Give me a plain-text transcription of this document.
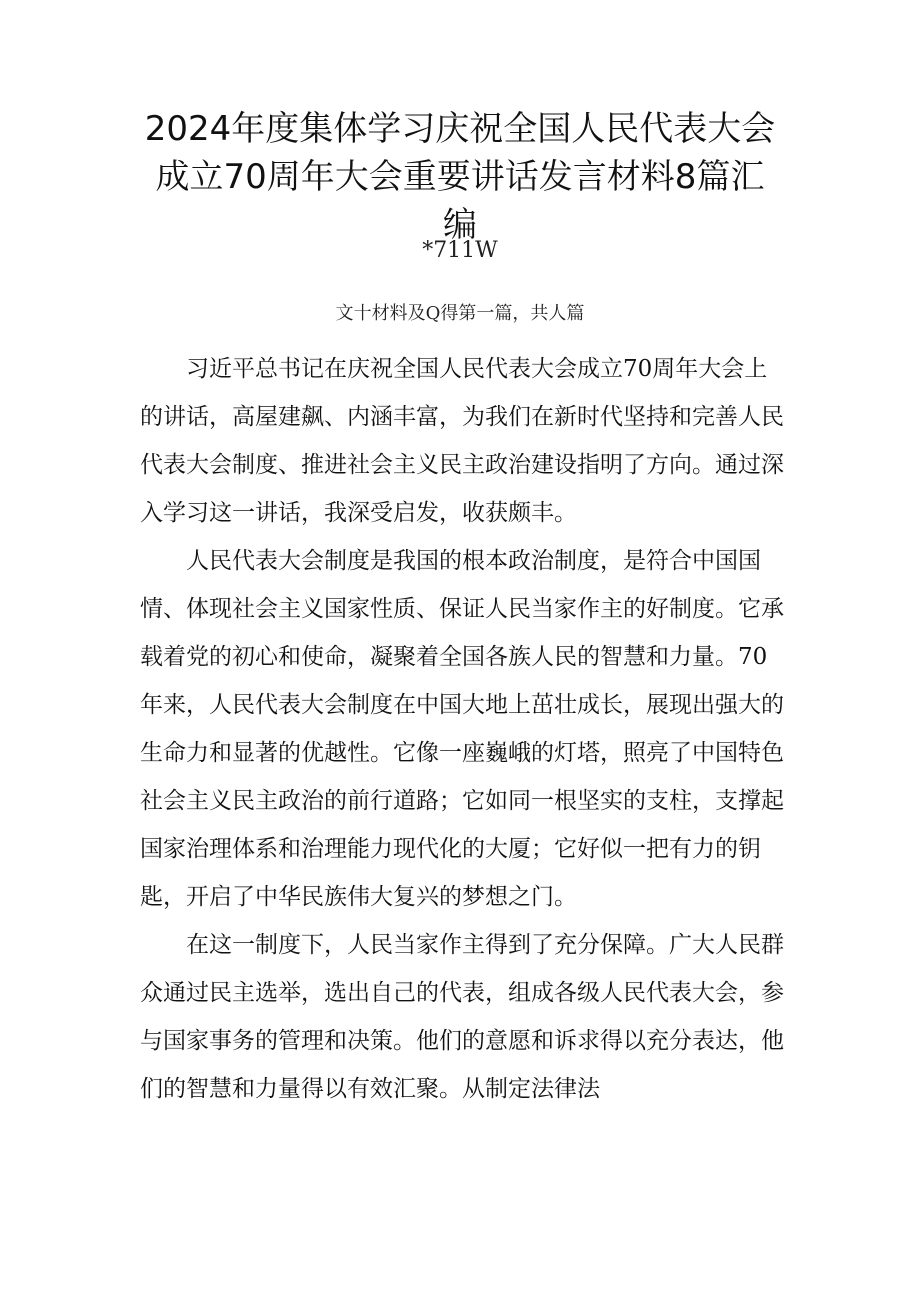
2024年度集体学习庆祝全国人民代表大会
成立70周年大会重要讲话发言材料8篇汇
编
*711W
文十材料及Q得第一篇，共人篇

习近平总书记在庆祝全国人民代表大会成立70周年大会上的讲话，高屋建飙、内涵丰富，为我们在新时代坚持和完善人民代表大会制度、推进社会主义民主政治建设指明了方向。通过深入学习这一讲话，我深受启发，收获颇丰。

人民代表大会制度是我国的根本政治制度，是符合中国国情、体现社会主义国家性质、保证人民当家作主的好制度。它承载着党的初心和使命，凝聚着全国各族人民的智慧和力量。70年来，人民代表大会制度在中国大地上茁壮成长，展现出强大的生命力和显著的优越性。它像一座巍峨的灯塔，照亮了中国特色社会主义民主政治的前行道路；它如同一根坚实的支柱，支撑起国家治理体系和治理能力现代化的大厦；它好似一把有力的钥匙，开启了中华民族伟大复兴的梦想之门。

在这一制度下，人民当家作主得到了充分保障。广大人民群众通过民主选举，选出自己的代表，组成各级人民代表大会，参与国家事务的管理和决策。他们的意愿和诉求得以充分表达，他们的智慧和力量得以有效汇聚。从制定法律法
